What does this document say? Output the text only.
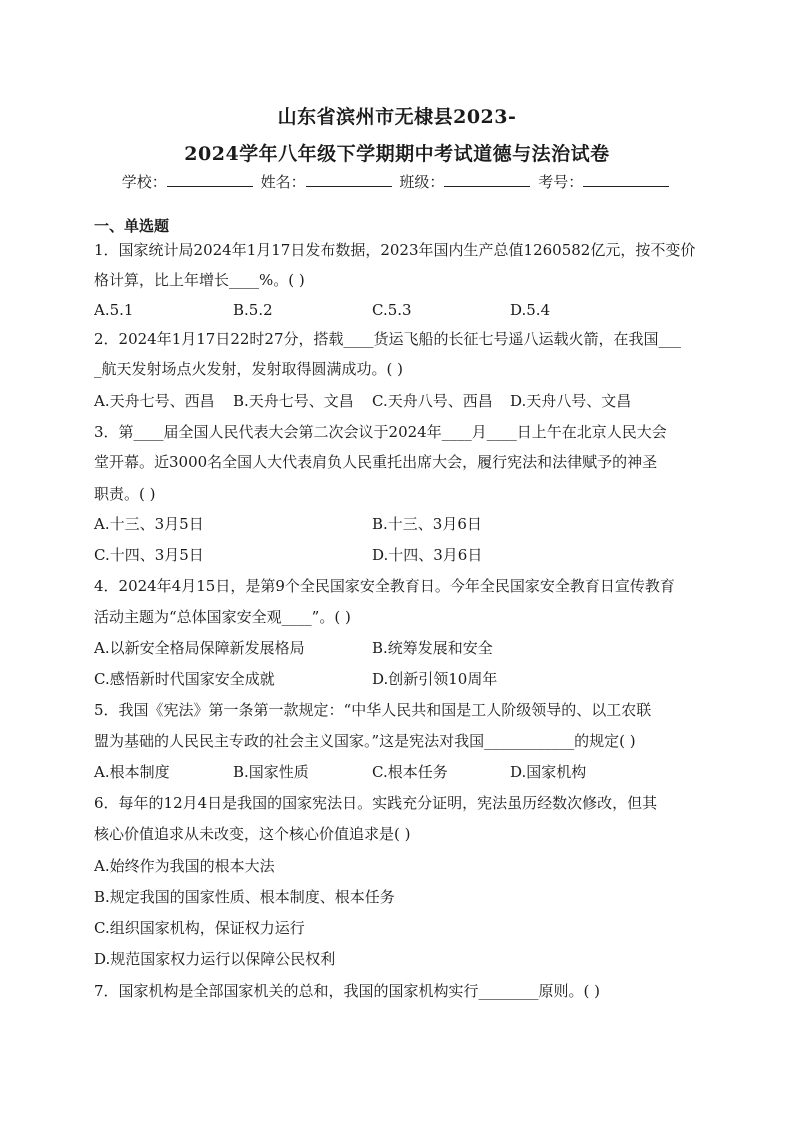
山东省滨州市无棣县2023-
2024学年八年级下学期期中考试道德与法治试卷
学校：	姓名：	班级：	考号：
一、单选题
1．国家统计局2024年1月17日发布数据，2023年国内生产总值1260582亿元，按不变价
格计算，比上年增长____%。( )
A.5.1	B.5.2	C.5.3	D.5.4
2．2024年1月17日22时27分，搭载____货运飞船的长征七号遥八运载火箭，在我国___
_航天发射场点火发射，发射取得圆满成功。( )
A.天舟七号、西昌 B.天舟七号、文昌 C.天舟八号、西昌 D.天舟八号、文昌
3．第____届全国人民代表大会第二次会议于2024年____月____日上午在北京人民大会
堂开幕。近3000名全国人大代表肩负人民重托出席大会，履行宪法和法律赋予的神圣
职责。( )
A.十三、3月5日	B.十三、3月6日
C.十四、3月5日	D.十四、3月6日
4．2024年4月15日，是第9个全民国家安全教育日。今年全民国家安全教育日宣传教育
活动主题为“总体国家安全观____”。( )
A.以新安全格局保障新发展格局	B.统筹发展和安全
C.感悟新时代国家安全成就	D.创新引领10周年
5．我国《宪法》第一条第一款规定：“中华人民共和国是工人阶级领导的、以工农联
盟为基础的人民民主专政的社会主义国家。”这是宪法对我国____________的规定( )
A.根本制度	B.国家性质	C.根本任务	D.国家机构
6．每年的12月4日是我国的国家宪法日。实践充分证明，宪法虽历经数次修改，但其
核心价值追求从未改变，这个核心价值追求是( )
A.始终作为我国的根本大法
B.规定我国的国家性质、根本制度、根本任务
C.组织国家机构，保证权力运行
D.规范国家权力运行以保障公民权利
7．国家机构是全部国家机关的总和，我国的国家机构实行________原则。( )
